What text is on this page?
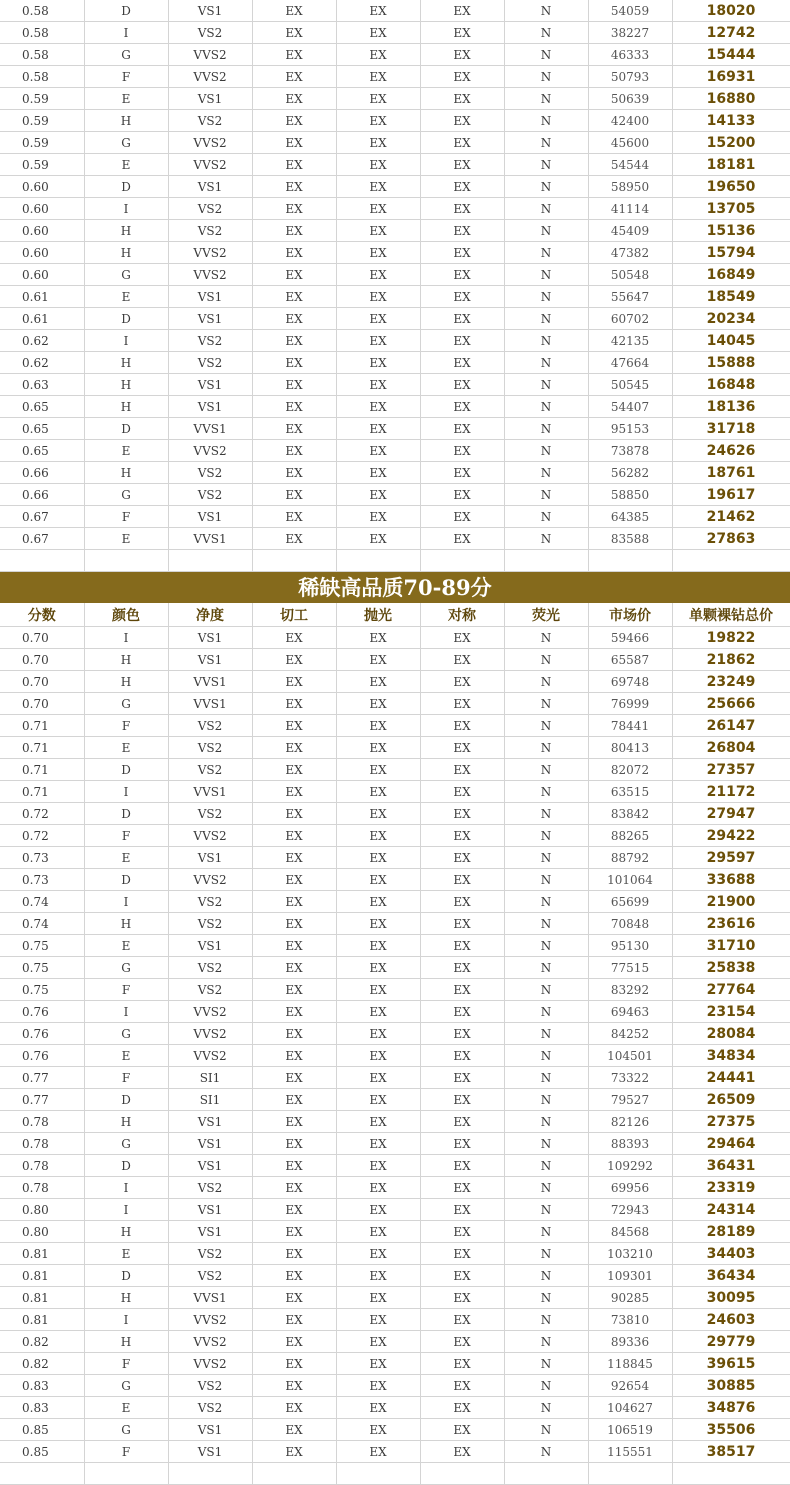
0.58	D	VS1	EX	EX	EX	N	54059	18020
0.58	I	VS2	EX	EX	EX	N	38227	12742
0.58	G	VVS2	EX	EX	EX	N	46333	15444
0.58	F	VVS2	EX	EX	EX	N	50793	16931
0.59	E	VS1	EX	EX	EX	N	50639	16880
0.59	H	VS2	EX	EX	EX	N	42400	14133
0.59	G	VVS2	EX	EX	EX	N	45600	15200
0.59	E	VVS2	EX	EX	EX	N	54544	18181
0.60	D	VS1	EX	EX	EX	N	58950	19650
0.60	I	VS2	EX	EX	EX	N	41114	13705
0.60	H	VS2	EX	EX	EX	N	45409	15136
0.60	H	VVS2	EX	EX	EX	N	47382	15794
0.60	G	VVS2	EX	EX	EX	N	50548	16849
0.61	E	VS1	EX	EX	EX	N	55647	18549
0.61	D	VS1	EX	EX	EX	N	60702	20234
0.62	I	VS2	EX	EX	EX	N	42135	14045
0.62	H	VS2	EX	EX	EX	N	47664	15888
0.63	H	VS1	EX	EX	EX	N	50545	16848
0.65	H	VS1	EX	EX	EX	N	54407	18136
0.65	D	VVS1	EX	EX	EX	N	95153	31718
0.65	E	VVS2	EX	EX	EX	N	73878	24626
0.66	H	VS2	EX	EX	EX	N	56282	18761
0.66	G	VS2	EX	EX	EX	N	58850	19617
0.67	F	VS1	EX	EX	EX	N	64385	21462
0.67	E	VVS1	EX	EX	EX	N	83588	27863

稀缺高品质70-89分
分数	颜色	净度	切工	抛光	对称	荧光	市场价	单颗裸钻总价
0.70	I	VS1	EX	EX	EX	N	59466	19822
0.70	H	VS1	EX	EX	EX	N	65587	21862
0.70	H	VVS1	EX	EX	EX	N	69748	23249
0.70	G	VVS1	EX	EX	EX	N	76999	25666
0.71	F	VS2	EX	EX	EX	N	78441	26147
0.71	E	VS2	EX	EX	EX	N	80413	26804
0.71	D	VS2	EX	EX	EX	N	82072	27357
0.71	I	VVS1	EX	EX	EX	N	63515	21172
0.72	D	VS2	EX	EX	EX	N	83842	27947
0.72	F	VVS2	EX	EX	EX	N	88265	29422
0.73	E	VS1	EX	EX	EX	N	88792	29597
0.73	D	VVS2	EX	EX	EX	N	101064	33688
0.74	I	VS2	EX	EX	EX	N	65699	21900
0.74	H	VS2	EX	EX	EX	N	70848	23616
0.75	E	VS1	EX	EX	EX	N	95130	31710
0.75	G	VS2	EX	EX	EX	N	77515	25838
0.75	F	VS2	EX	EX	EX	N	83292	27764
0.76	I	VVS2	EX	EX	EX	N	69463	23154
0.76	G	VVS2	EX	EX	EX	N	84252	28084
0.76	E	VVS2	EX	EX	EX	N	104501	34834
0.77	F	SI1	EX	EX	EX	N	73322	24441
0.77	D	SI1	EX	EX	EX	N	79527	26509
0.78	H	VS1	EX	EX	EX	N	82126	27375
0.78	G	VS1	EX	EX	EX	N	88393	29464
0.78	D	VS1	EX	EX	EX	N	109292	36431
0.78	I	VS2	EX	EX	EX	N	69956	23319
0.80	I	VS1	EX	EX	EX	N	72943	24314
0.80	H	VS1	EX	EX	EX	N	84568	28189
0.81	E	VS2	EX	EX	EX	N	103210	34403
0.81	D	VS2	EX	EX	EX	N	109301	36434
0.81	H	VVS1	EX	EX	EX	N	90285	30095
0.81	I	VVS2	EX	EX	EX	N	73810	24603
0.82	H	VVS2	EX	EX	EX	N	89336	29779
0.82	F	VVS2	EX	EX	EX	N	118845	39615
0.83	G	VS2	EX	EX	EX	N	92654	30885
0.83	E	VS2	EX	EX	EX	N	104627	34876
0.85	G	VS1	EX	EX	EX	N	106519	35506
0.85	F	VS1	EX	EX	EX	N	115551	38517
